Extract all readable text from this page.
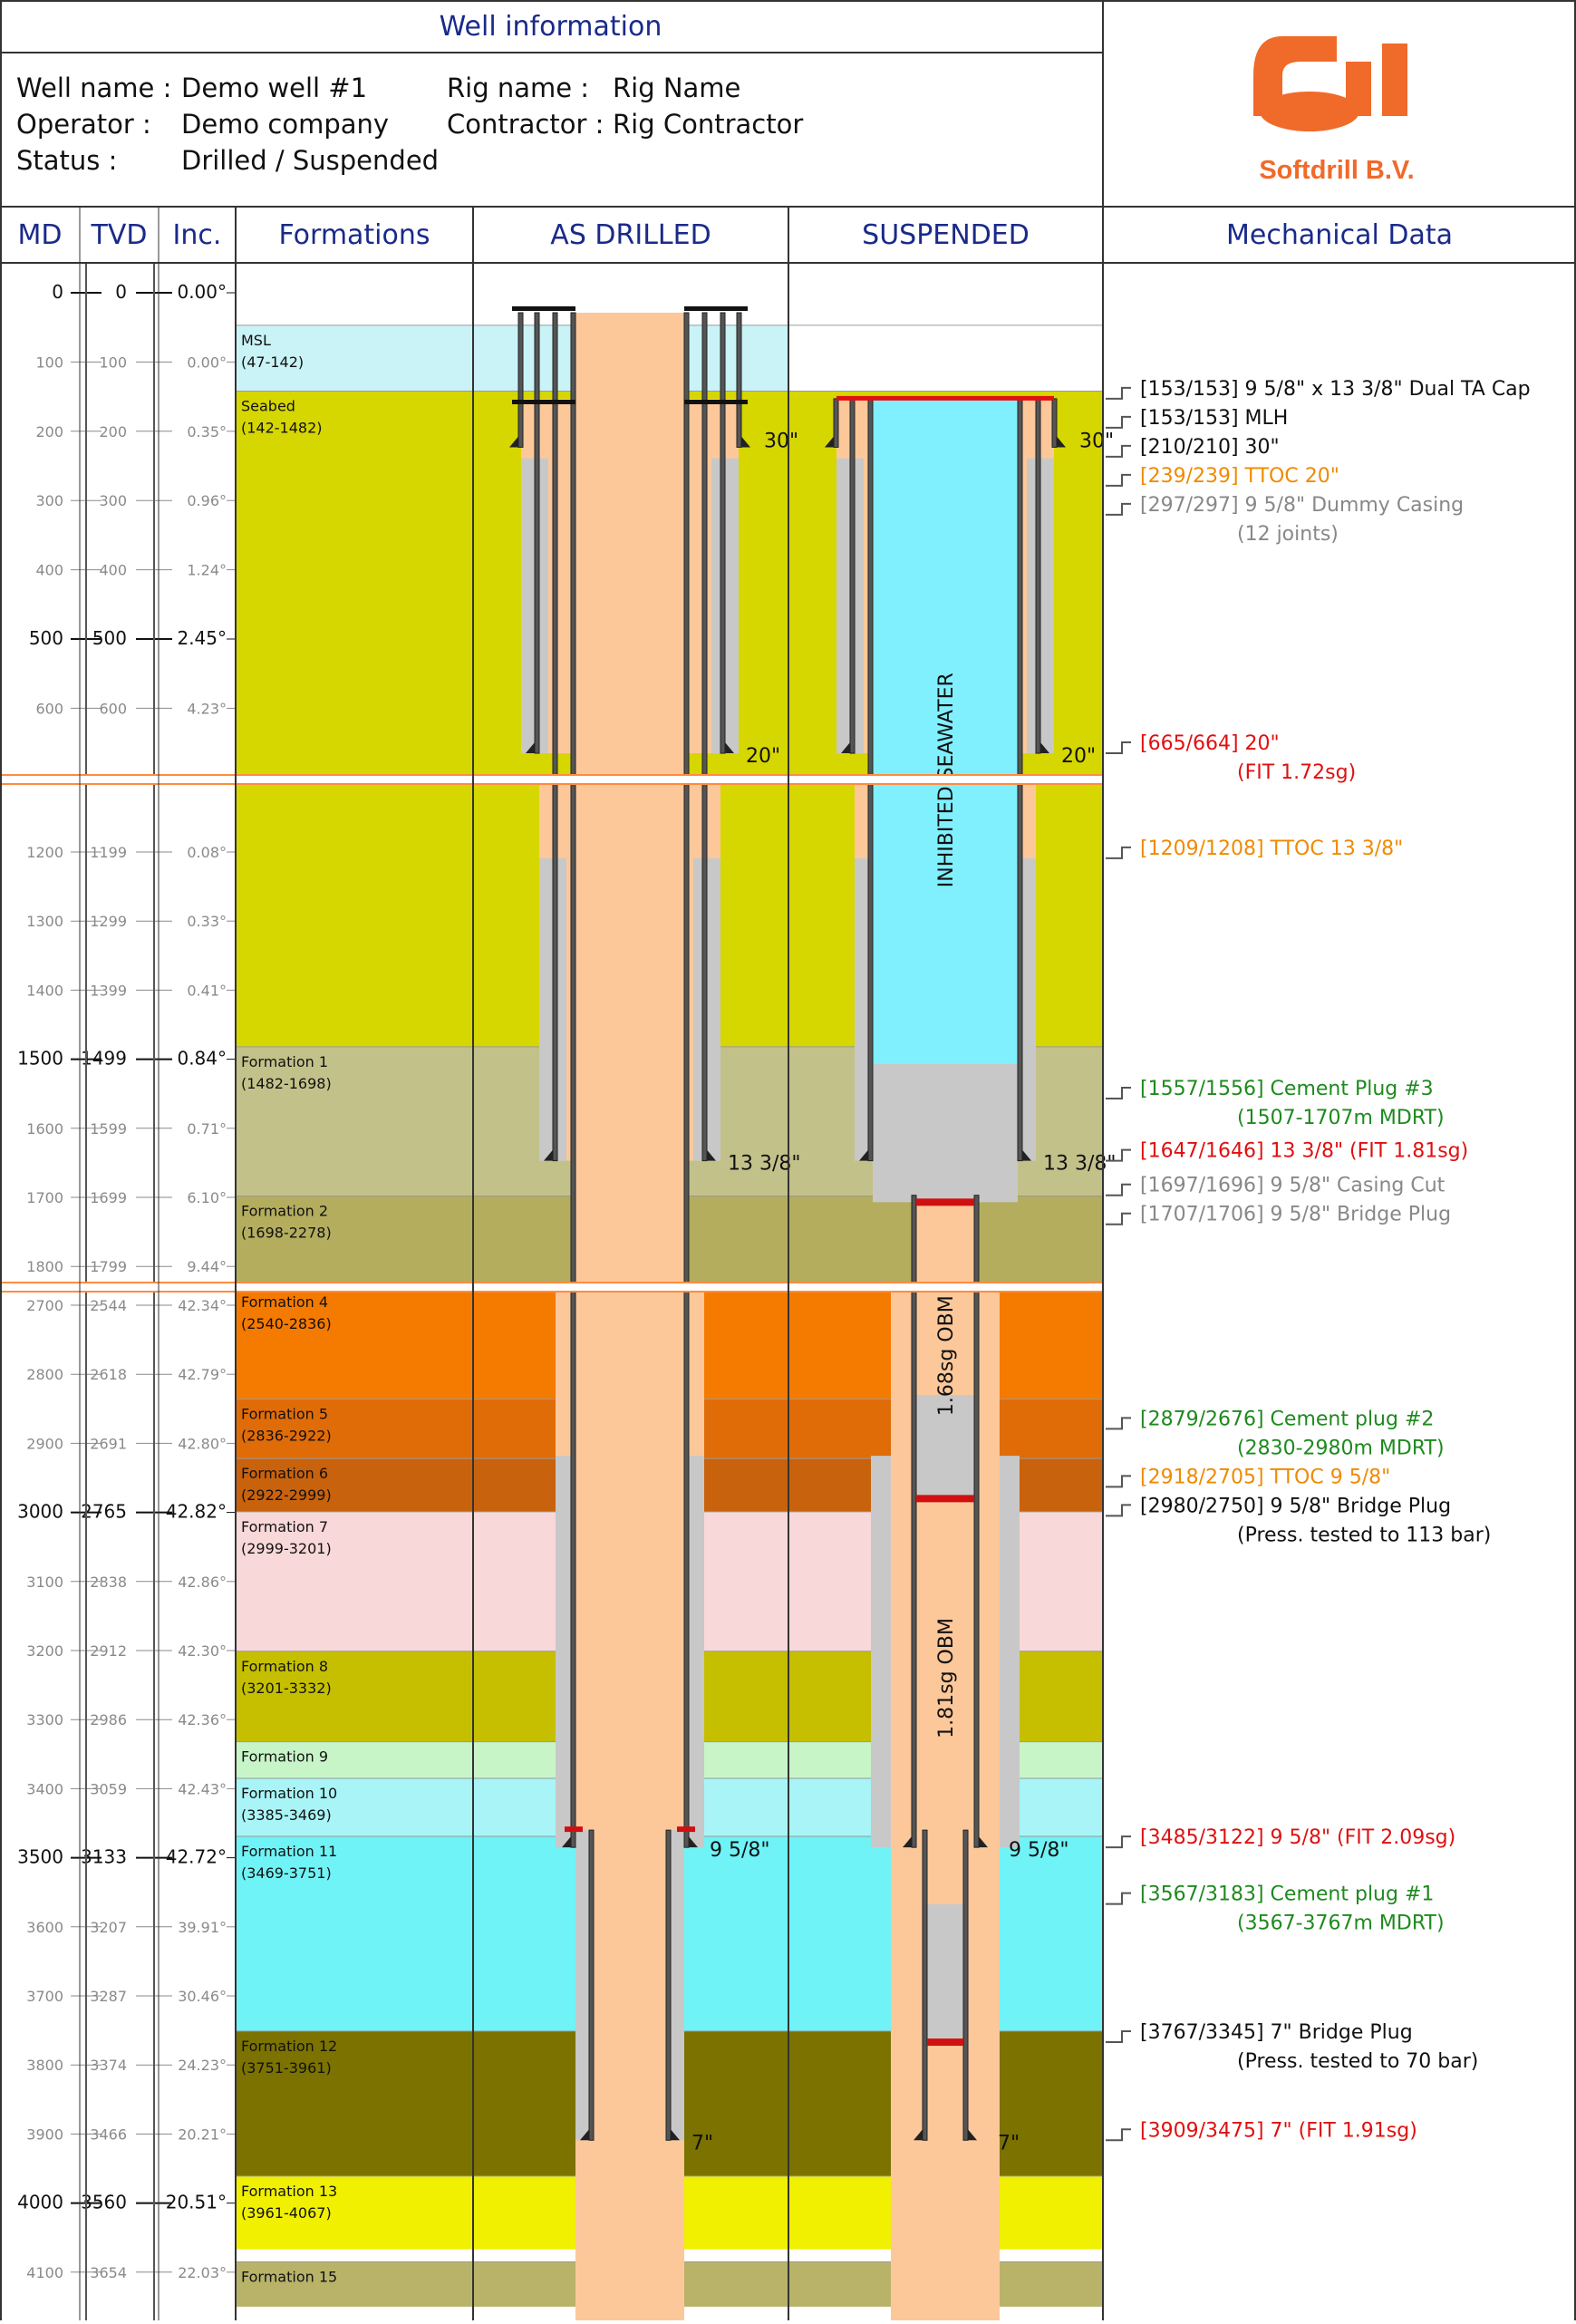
MSL
(47-142)
Seabed
(142-1482)
Formation 1
(1482-1698)
Formation 2
(1698-2278)
Formation 4
(2540-2836)
Formation 5
(2836-2922)
Formation 6
(2922-2999)
Formation 7
(2999-3201)
Formation 8
(3201-3332)
Formation 9
Formation 10
(3385-3469)
Formation 11
(3469-3751)
Formation 12
(3751-3961)
Formation 13
(3961-4067)
Formation 15
30"
20"
13 3/8"
9 5/8"
7"
30"
20"
13 3/8"
9 5/8"
7"
1.68sg OBM
1.81sg OBM
0	0	0.00°
100 100	0.00°
200 200	0.35°
300 300	0.96°
400 400	1.24°
500 500	2.45°
600 600	4.23°
1200 1199	0.08°
1300 1299	0.33°
1400 1399	0.41°
1500 1499	0.84°
1600 1599	0.71°
1700 1699	6.10°
1800 1799	9.44°
2700 2544	42.34°
2800 2618	42.79°
2900 2691	42.80°
3000 2765 42.82°
3100 2838	42.86°
3200 2912	42.30°
3300 2986	42.36°
3400 3059	42.43°
3500 3133 42.72°
3600 3207	39.91°
3700 3287	30.46°
3800 3374	24.23°
3900 3466	20.21°
4000 3560 20.51°
4100 3654	22.03°
[153/153] 9 5/8" x 13 3/8" Dual TA Cap
[153/153] MLH
[210/210] 30"
[239/239] TTOC 20"
[297/297] 9 5/8" Dummy Casing
(12 joints)
[665/664] 20"
(FIT 1.72sg)
[1209/1208] TTOC 13 3/8"
[1557/1556] Cement Plug #3
(1507-1707m MDRT)
[1647/1646] 13 3/8" (FIT 1.81sg)
[1697/1696] 9 5/8" Casing Cut
[1707/1706] 9 5/8" Bridge Plug
[2879/2676] Cement plug #2
(2830-2980m MDRT)
[2918/2705] TTOC 9 5/8"
[2980/2750] 9 5/8" Bridge Plug
(Press. tested to 113 bar)
[3485/3122] 9 5/8" (FIT 2.09sg)
[3567/3183] Cement plug #1
(3567-3767m MDRT)
[3767/3345] 7" Bridge Plug
(Press. tested to 70 bar)
[3909/3475] 7" (FIT 1.91sg)
Well information
Well name : Demo well #1
Operator : Demo company
Status : Drilled / Suspended
Rig name : Rig Name
Contractor : Rig Contractor
Softdrill B.V.
MD	TVD Inc.	Formations	AS DRILLED	SUSPENDED	Mechanical Data
